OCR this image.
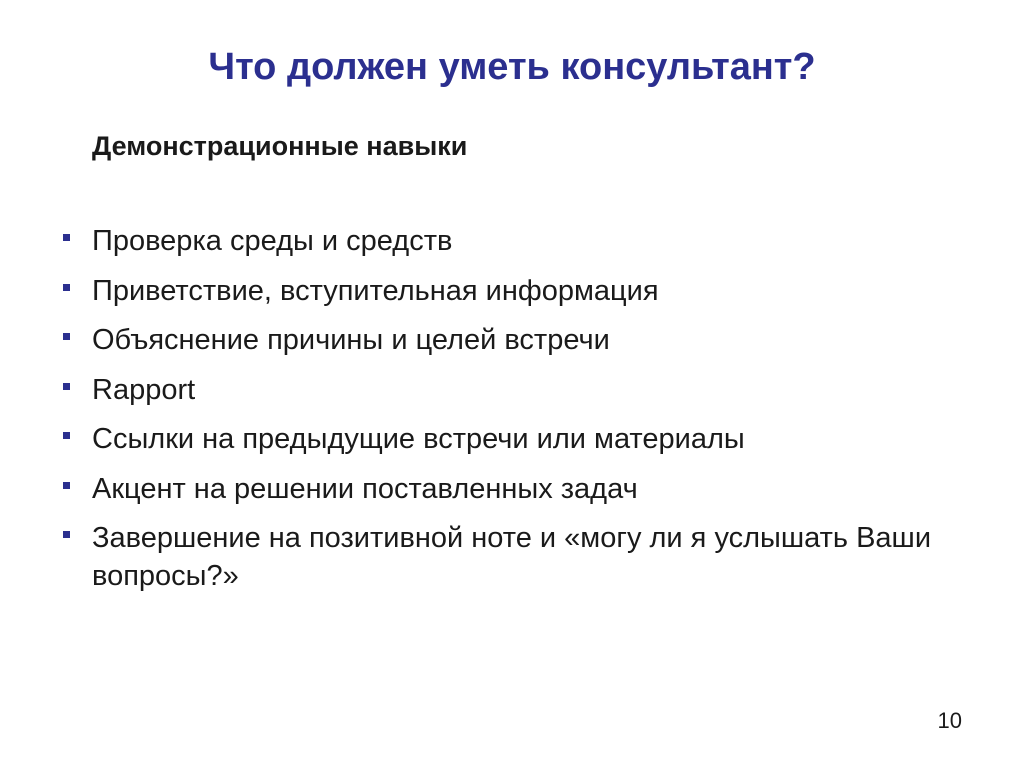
Что должен уметь консультант?
Демонстрационные навыки
Проверка среды и средств
Приветствие, вступительная информация
Объяснение причины и целей встречи
Rapport
Ссылки на предыдущие встречи или материалы
Акцент на решении поставленных задач
Завершение на позитивной ноте и «могу ли я услышать Ваши вопросы?»
10
